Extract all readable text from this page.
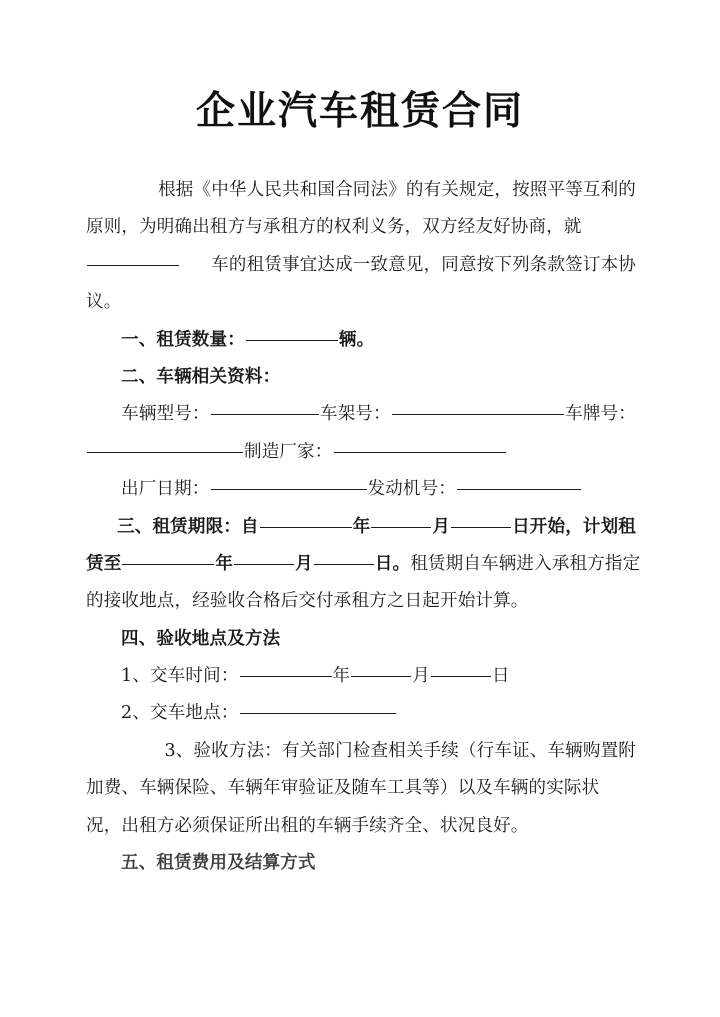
企业汽车租赁合同
根据《中华人民共和国合同法》的有关规定，按照平等互利的
原则，为明确出租方与承租方的权利义务，双方经友好协商，就
车的租赁事宜达成一致意见，同意按下列条款签订本协
议。
一、租赁数量：	辆。
二、车辆相关资料：
车辆型号：	车架号：	车牌号：
制造厂家：
出厂日期：	发动机号：
三、租赁期限：自	年	月	日开始，计划租
赁至	年	月	日。 租赁期自车辆进入承租方指定
的接收地点，经验收合格后交付承租方之日起开始计算。
四、验收地点及方法
1、交车时间：	年	月	日
2、交车地点：
3、验收方法：有关部门检查相关手续（行车证、车辆购置附
加费、车辆保险、车辆年审验证及随车工具等）以及车辆的实际状
况，出租方必须保证所出租的车辆手续齐全、状况良好。
五、租赁费用及结算方式
